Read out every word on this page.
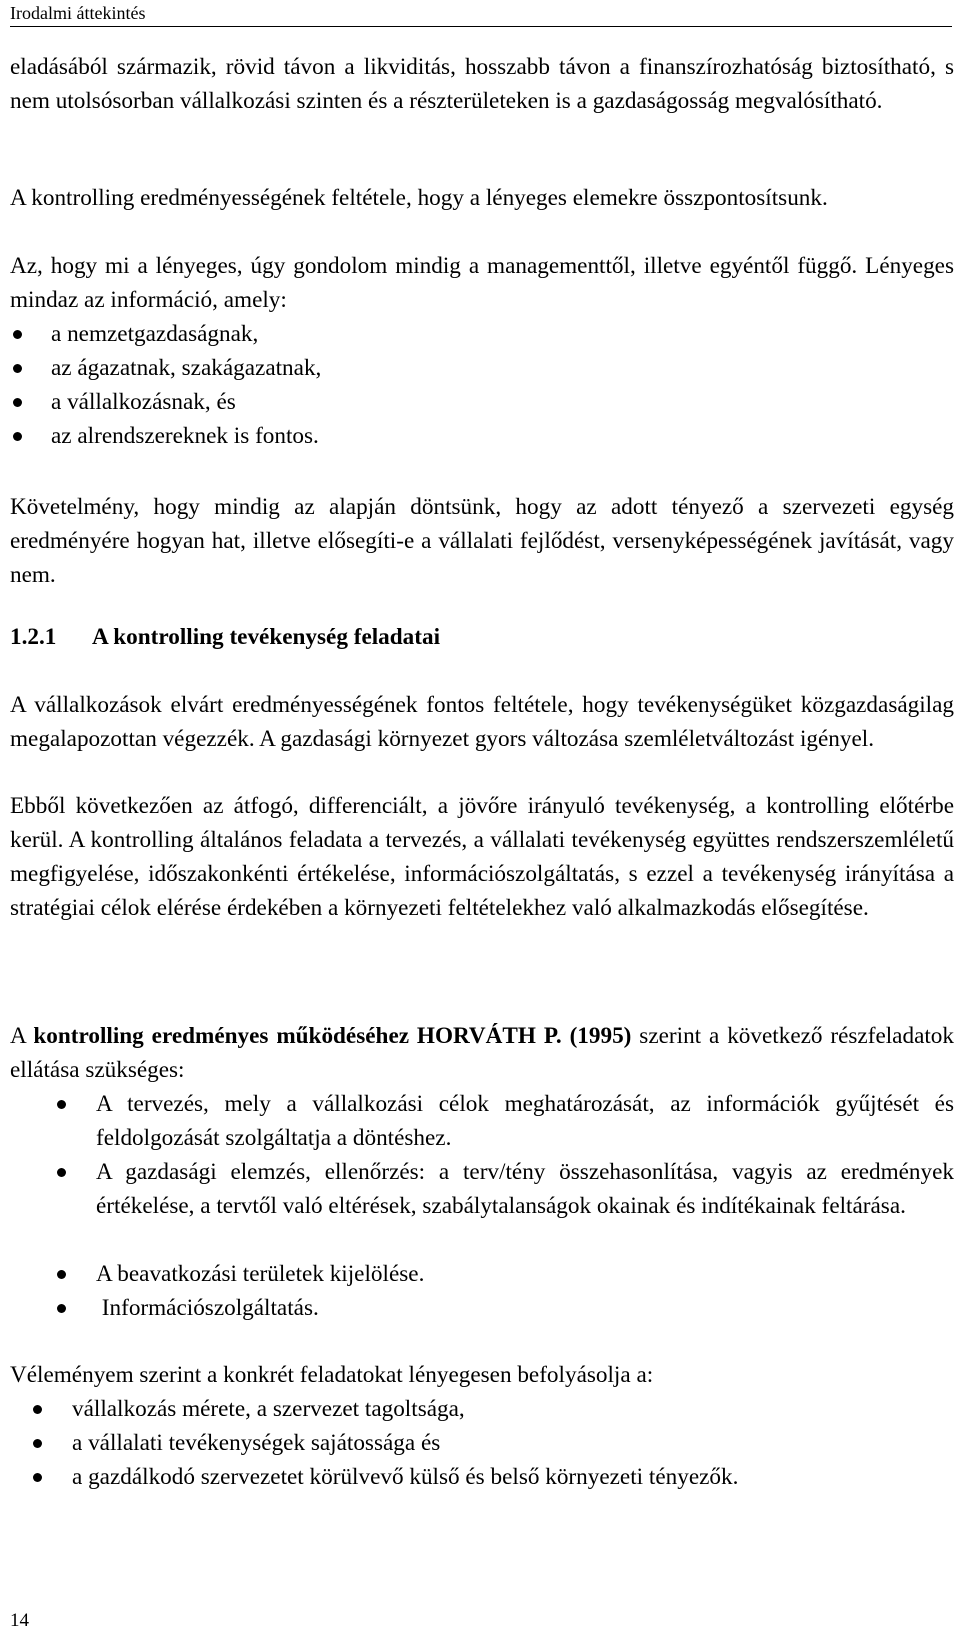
Irodalmi áttekintés
eladásából származik, rövid távon a likviditás, hosszabb távon a finanszírozhatóság biztosítható, s nem utolsósorban vállalkozási szinten és a részterületeken is a gazdaságosság megvalósítható.
A kontrolling eredményességének feltétele, hogy a lényeges elemekre összpontosítsunk.
Az, hogy mi a lényeges, úgy gondolom mindig a managementtől, illetve egyéntől függő. Lényeges mindaz az információ, amely:
a nemzetgazdaságnak,
az ágazatnak, szakágazatnak,
a vállalkozásnak, és
az alrendszereknek is fontos.
Követelmény, hogy mindig az alapján döntsünk, hogy az adott tényező a szervezeti egység eredményére hogyan hat, illetve elősegíti-e a vállalati fejlődést, versenyképességének javítását, vagy nem.
1.2.1 A kontrolling tevékenység feladatai
A vállalkozások elvárt eredményességének fontos feltétele, hogy tevékenységüket közgazdaságilag megalapozottan végezzék. A gazdasági környezet gyors változása szemléletváltozást igényel.
Ebből következően az átfogó, differenciált, a jövőre irányuló tevékenység, a kontrolling előtérbe kerül. A kontrolling általános feladata a tervezés, a vállalati tevékenység együttes rendszerszemléletű megfigyelése, időszakonkénti értékelése, információszolgáltatás, s ezzel a tevékenység irányítása a stratégiai célok elérése érdekében a környezeti feltételekhez való alkalmazkodás elősegítése.
A kontrolling eredményes működéséhez HORVÁTH P. (1995) szerint a következő részfeladatok ellátása szükséges:
A tervezés, mely a vállalkozási célok meghatározását, az információk gyűjtését és feldolgozását szolgáltatja a döntéshez.
A gazdasági elemzés, ellenőrzés: a terv/tény összehasonlítása, vagyis az eredmények értékelése, a tervtől való eltérések, szabálytalanságok okainak és indítékainak feltárása.
A beavatkozási területek kijelölése.
Információszolgáltatás.
Véleményem szerint a konkrét feladatokat lényegesen befolyásolja a:
vállalkozás mérete, a szervezet tagoltsága,
a vállalati tevékenységek sajátossága és
a gazdálkodó szervezetet körülvevő külső és belső környezeti tényezők.
14
